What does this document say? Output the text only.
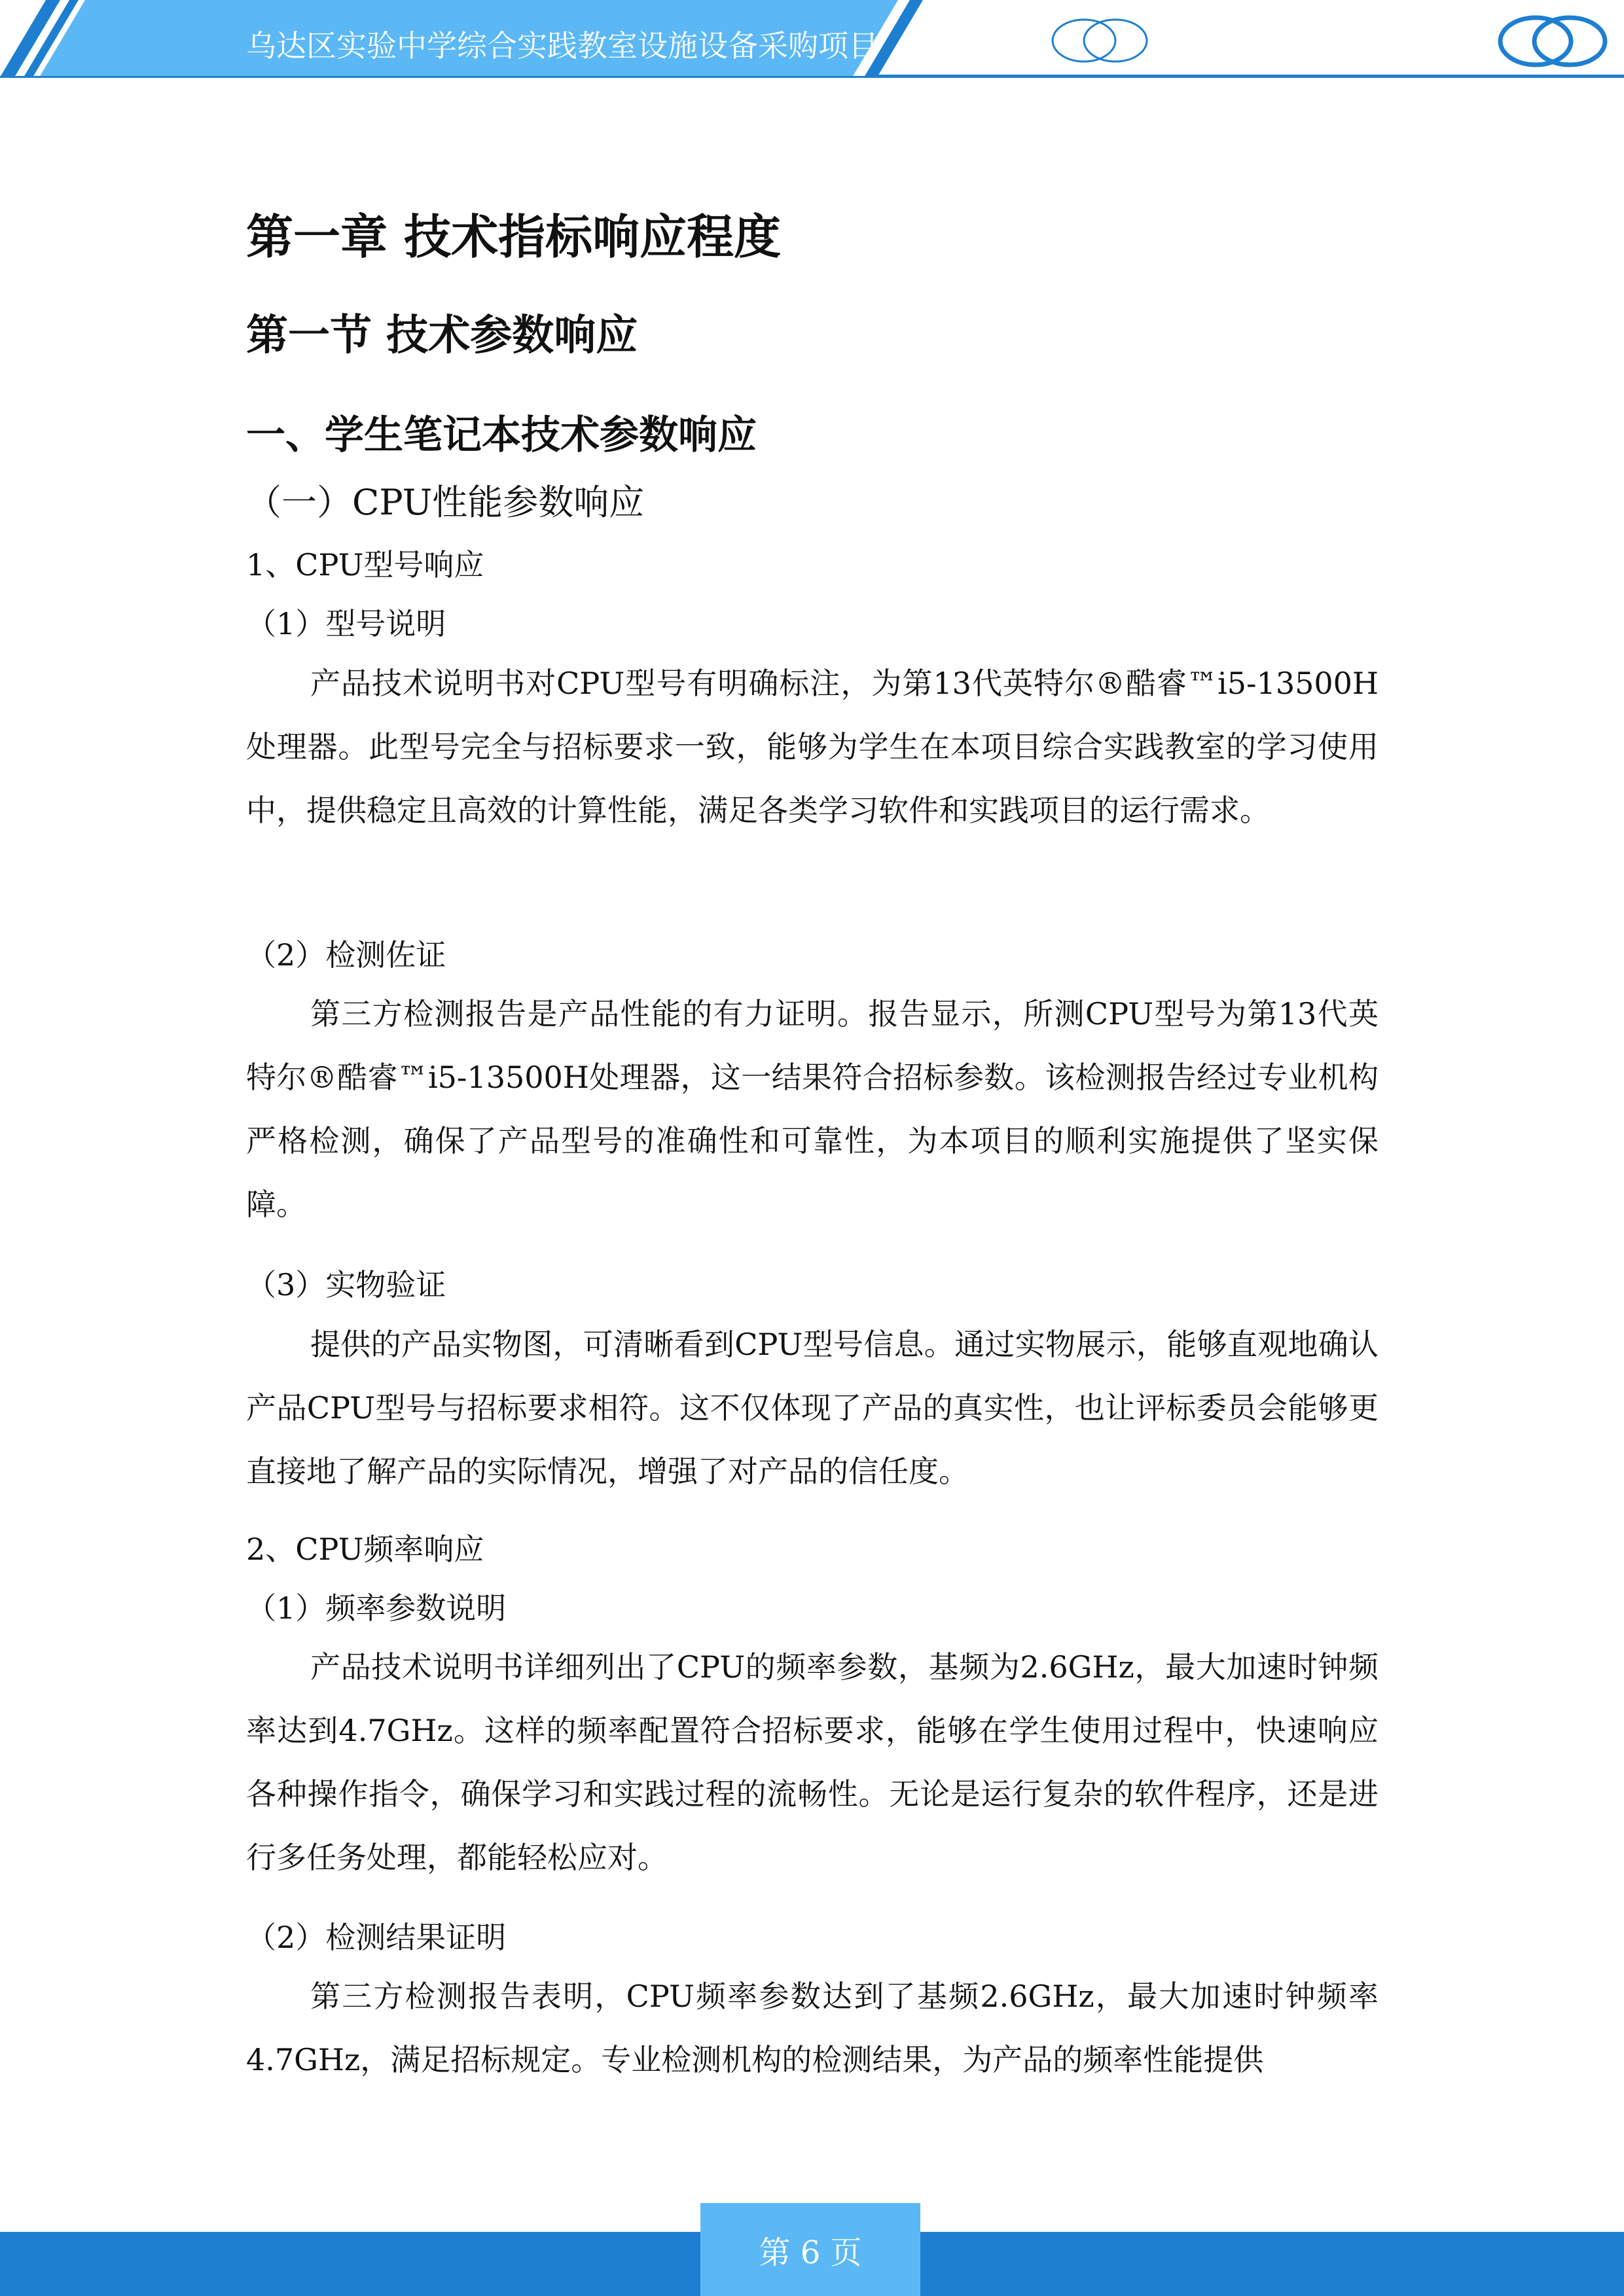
乌达区实验中学综合实践教室设施设备采购项目
第一章 技术指标响应程度
第一节 技术参数响应
一、学生笔记本技术参数响应
（一）CPU性能参数响应
1、CPU型号响应
（1）型号说明

产品技术说明书对CPU型号有明确标注，为第13代英特尔®酷睿™i5-13500H处理器。此型号完全与招标要求一致，能够为学生在本项目综合实践教室的学习使用中，提供稳定且高效的计算性能，满足各类学习软件和实践项目的运行需求。

（2）检测佐证

第三方检测报告是产品性能的有力证明。报告显示，所测CPU型号为第13代英特尔®酷睿™i5-13500H处理器，这一结果符合招标参数。该检测报告经过专业机构严格检测，确保了产品型号的准确性和可靠性，为本项目的顺利实施提供了坚实保障。

（3）实物验证

提供的产品实物图，可清晰看到CPU型号信息。通过实物展示，能够直观地确认产品CPU型号与招标要求相符。这不仅体现了产品的真实性，也让评标委员会能够更直接地了解产品的实际情况，增强了对产品的信任度。

2、CPU频率响应
（1）频率参数说明

产品技术说明书详细列出了CPU的频率参数，基频为2.6GHz，最大加速时钟频率达到4.7GHz。这样的频率配置符合招标要求，能够在学生使用过程中，快速响应各种操作指令，确保学习和实践过程的流畅性。无论是运行复杂的软件程序，还是进行多任务处理，都能轻松应对。

（2）检测结果证明

第三方检测报告表明，CPU频率参数达到了基频2.6GHz，最大加速时钟频率4.7GHz，满足招标规定。专业检测机构的检测结果，为产品的频率性能提供

第 6 页
